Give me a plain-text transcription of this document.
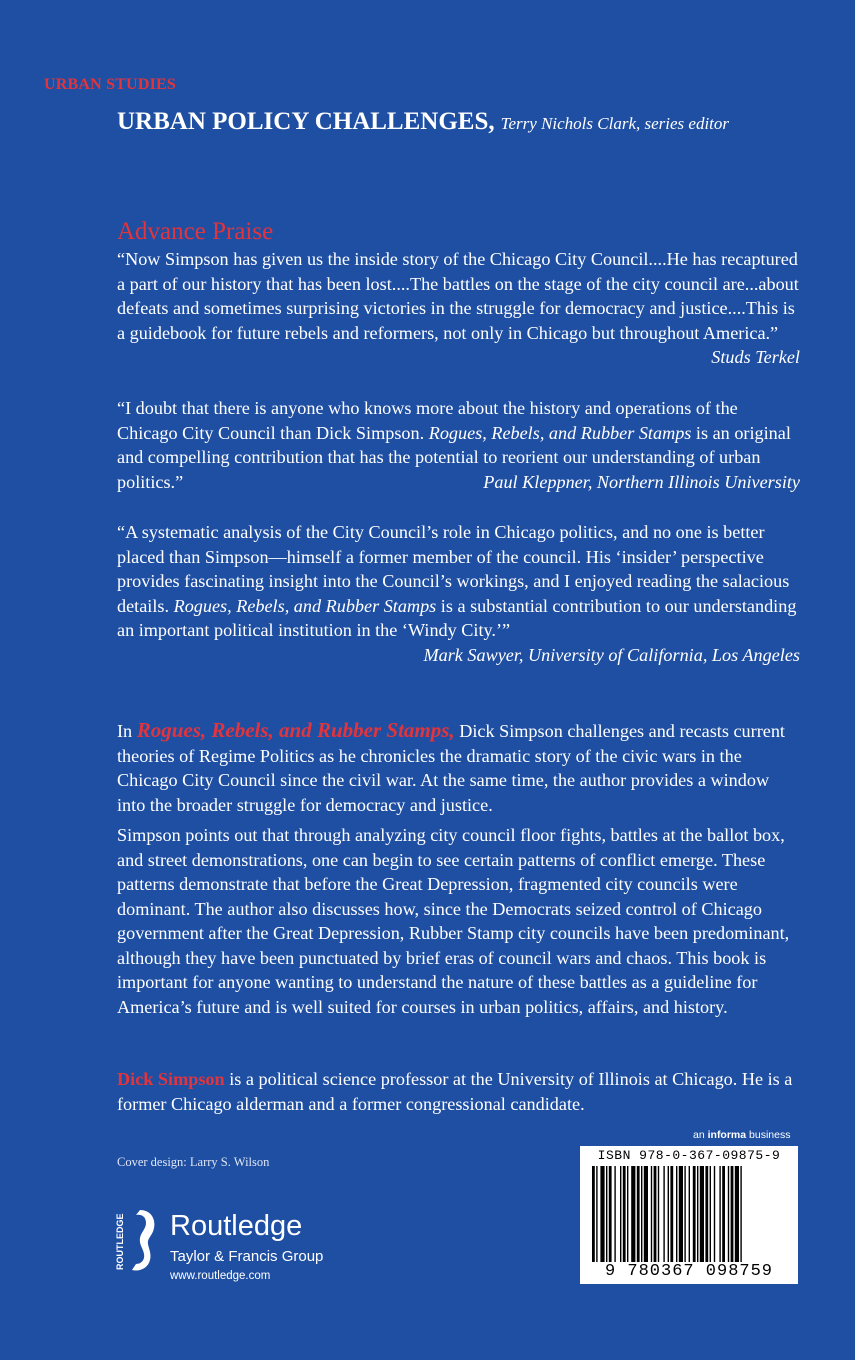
URBAN STUDIES
URBAN POLICY CHALLENGES, Terry Nichols Clark, series editor
Advance Praise
“Now Simpson has given us the inside story of the Chicago City Council....He has recaptured a part of our history that has been lost....The battles on the stage of the city council are...about defeats and sometimes surprising victories in the struggle for democracy and justice....This is a guidebook for future rebels and reformers, not only in Chicago but throughout America.”
Studs Terkel
“I doubt that there is anyone who knows more about the history and operations of the Chicago City Council than Dick Simpson. Rogues, Rebels, and Rubber Stamps is an original and compelling contribution that has the potential to reorient our understanding of urban politics.”	Paul Kleppner, Northern Illinois University
“A systematic analysis of the City Council’s role in Chicago politics, and no one is better placed than Simpson—himself a former member of the council. His ‘insider’ perspective provides fascinating insight into the Council’s workings, and I enjoyed reading the salacious details. Rogues, Rebels, and Rubber Stamps is a substantial contribution to our understanding an important political institution in the ‘Windy City.’”
Mark Sawyer, University of California, Los Angeles
In Rogues, Rebels, and Rubber Stamps, Dick Simpson challenges and recasts current theories of Regime Politics as he chronicles the dramatic story of the civic wars in the Chicago City Council since the civil war. At the same time, the author provides a window into the broader struggle for democracy and justice.
Simpson points out that through analyzing city council floor fights, battles at the ballot box, and street demonstrations, one can begin to see certain patterns of conflict emerge. These patterns demonstrate that before the Great Depression, fragmented city councils were dominant. The author also discusses how, since the Democrats seized control of Chicago government after the Great Depression, Rubber Stamp city councils have been predominant, although they have been punctuated by brief eras of council wars and chaos. This book is important for anyone wanting to understand the nature of these battles as a guideline for America’s future and is well suited for courses in urban politics, affairs, and history.
Dick Simpson is a political science professor at the University of Illinois at Chicago. He is a former Chicago alderman and a former congressional candidate.
Cover design: Larry S. Wilson
an informa business
ISBN 978-0-367-09875-9
9 780367 098759
ROUTLEDGE Routledge
Taylor & Francis Group
www.routledge.com
